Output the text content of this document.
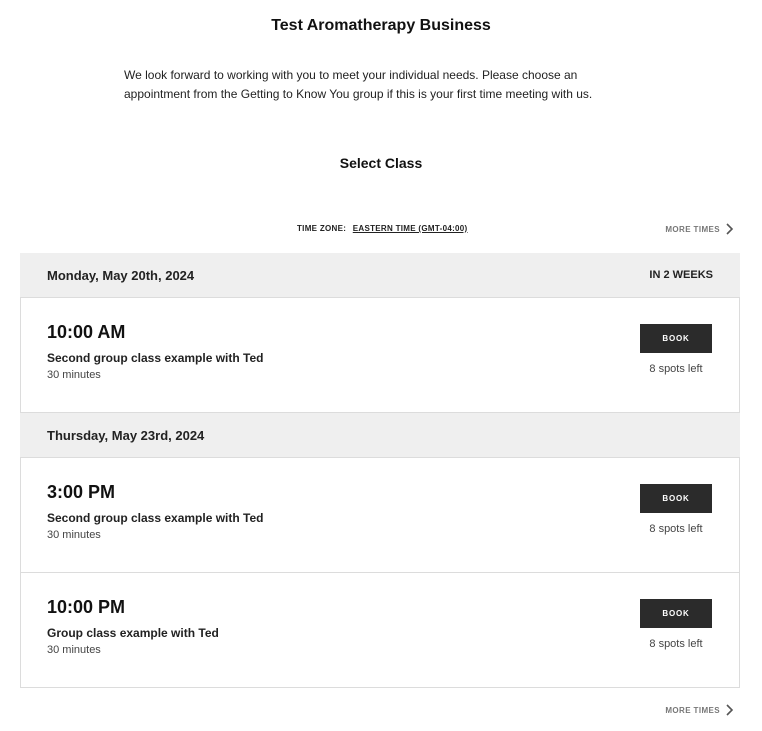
Test Aromatherapy Business
We look forward to working with you to meet your individual needs. Please choose an appointment from the Getting to Know You group if this is your first time meeting with us.
Select Class
TIME ZONE: EASTERN TIME (GMT-04:00)	MORE TIMES
Monday, May 20th, 2024	IN 2 WEEKS
10:00 AM
Second group class example with Ted
30 minutes
BOOK
8 spots left
Thursday, May 23rd, 2024
3:00 PM
Second group class example with Ted
30 minutes
BOOK
8 spots left
10:00 PM
Group class example with Ted
30 minutes
BOOK
8 spots left
MORE TIMES
